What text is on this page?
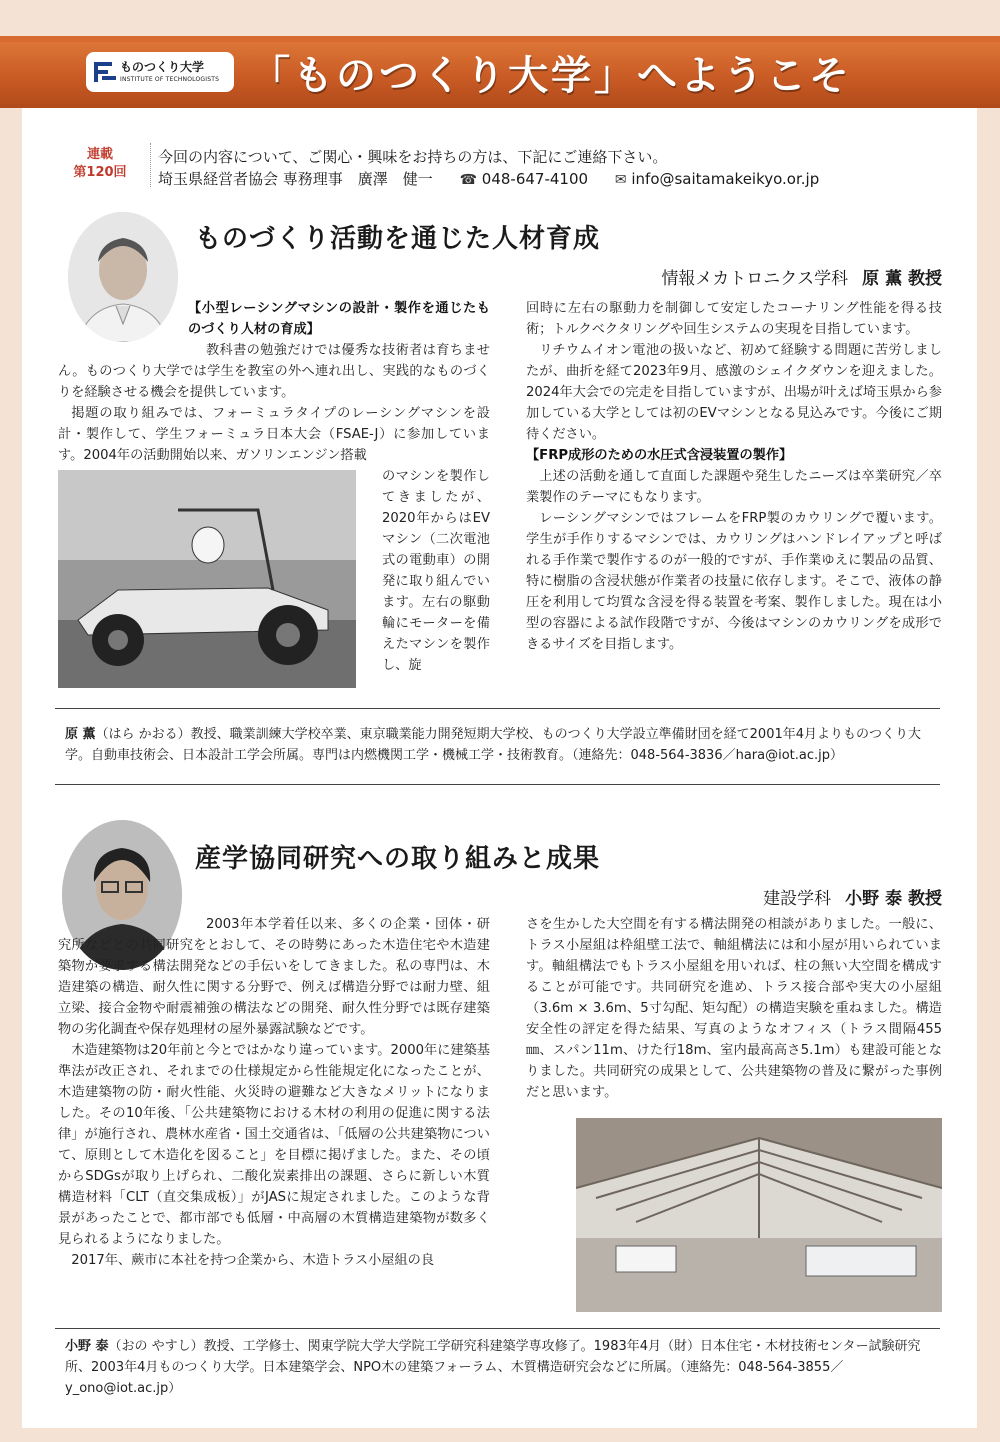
ものつくり大学
INSTITUTE OF TECHNOLOGISTS 「ものつくり大学」へようこそ
連載
第120回
今回の内容について、ご関心・興味をお持ちの方は、下記にご連絡下さい。
埼玉県経営者協会 専務理事　廣澤　健一 ☎ 048-647-4100 ✉ info@saitamakeikyo.or.jp
ものづくり活動を通じた人材育成
情報メカトロニクス学科 原 薫 教授

【小型レーシングマシンの設計・製作を通じたものづくり人材の育成】

教科書の勉強だけでは優秀な技術者は育ちません。ものつくり大学では学生を教室の外へ連れ出し、実践的なものづくりを経験させる機会を提供しています。

掲題の取り組みでは、フォーミュラタイプのレーシングマシンを設計・製作して、学生フォーミュラ日本大会（FSAE-J）に参加しています。2004年の活動開始以来、ガソリンエンジン搭載

のマシンを製作してきましたが、2020年からはEVマシン（二次電池式の電動車）の開発に取り組んでいます。左右の駆動輪にモーターを備えたマシンを製作し、旋

回時に左右の駆動力を制御して安定したコーナリング性能を得る技術；トルクベクタリングや回生システムの実現を目指しています。

リチウムイオン電池の扱いなど、初めて経験する問題に苦労しましたが、曲折を経て2023年9月、感激のシェイクダウンを迎えました。2024年大会での完走を目指していますが、出場が叶えば埼玉県から参加している大学としては初のEVマシンとなる見込みです。今後にご期待ください。

【FRP成形のための水圧式含浸装置の製作】

上述の活動を通して直面した課題や発生したニーズは卒業研究／卒業製作のテーマにもなります。

レーシングマシンではフレームをFRP製のカウリングで覆います。学生が手作りするマシンでは、カウリングはハンドレイアップと呼ばれる手作業で製作するのが一般的ですが、手作業ゆえに製品の品質、特に樹脂の含浸状態が作業者の技量に依存します。そこで、液体の静圧を利用して均質な含浸を得る装置を考案、製作しました。現在は小型の容器による試作段階ですが、今後はマシンのカウリングを成形できるサイズを目指します。

原 薫（はら かおる）教授、職業訓練大学校卒業、東京職業能力開発短期大学校、ものつくり大学設立準備財団を経て2001年4月よりものつくり大学。自動車技術会、日本設計工学会所属。専門は内燃機関工学・機械工学・技術教育。（連絡先：048-564-3836／hara@iot.ac.jp）
産学協同研究への取り組みと成果
建設学科 小野 泰 教授

2003年本学着任以来、多くの企業・団体・研究所などとの共同研究をとおして、その時勢にあった木造住宅や木造建築物が要求する構法開発などの手伝いをしてきました。私の専門は、木造建築の構造、耐久性に関する分野で、例えば構造分野では耐力壁、組立梁、接合金物や耐震補強の構法などの開発、耐久性分野では既存建築物の劣化調査や保存処理材の屋外暴露試験などです。

木造建築物は20年前と今とではかなり違っています。2000年に建築基準法が改正され、それまでの仕様規定から性能規定化になったことが、木造建築物の防・耐火性能、火災時の避難など大きなメリットになりました。その10年後、「公共建築物における木材の利用の促進に関する法律」が施行され、農林水産省・国土交通省は、「低層の公共建築物について、原則として木造化を図ること」を目標に掲げました。また、その頃からSDGsが取り上げられ、二酸化炭素排出の課題、さらに新しい木質構造材料「CLT（直交集成板）」がJASに規定されました。このような背景があったことで、都市部でも低層・中高層の木質構造建築物が数多く見られるようになりました。

2017年、蕨市に本社を持つ企業から、木造トラス小屋組の良

さを生かした大空間を有する構法開発の相談がありました。一般に、トラス小屋組は枠組壁工法で、軸組構法には和小屋が用いられています。軸組構法でもトラス小屋組を用いれば、柱の無い大空間を構成することが可能です。共同研究を進め、トラス接合部や実大の小屋組（3.6m × 3.6m、5寸勾配、矩勾配）の構造実験を重ねました。構造安全性の評定を得た結果、写真のようなオフィス（トラス間隔455㎜、スパン11m、けた行18m、室内最高高さ5.1m）も建設可能となりました。共同研究の成果として、公共建築物の普及に繋がった事例だと思います。

小野 泰（おの やすし）教授、工学修士、関東学院大学大学院工学研究科建築学専攻修了。1983年4月（財）日本住宅・木材技術センター試験研究所、2003年4月ものつくり大学。日本建築学会、NPO木の建築フォーラム、木質構造研究会などに所属。（連絡先：048-564-3855／y_ono@iot.ac.jp）
